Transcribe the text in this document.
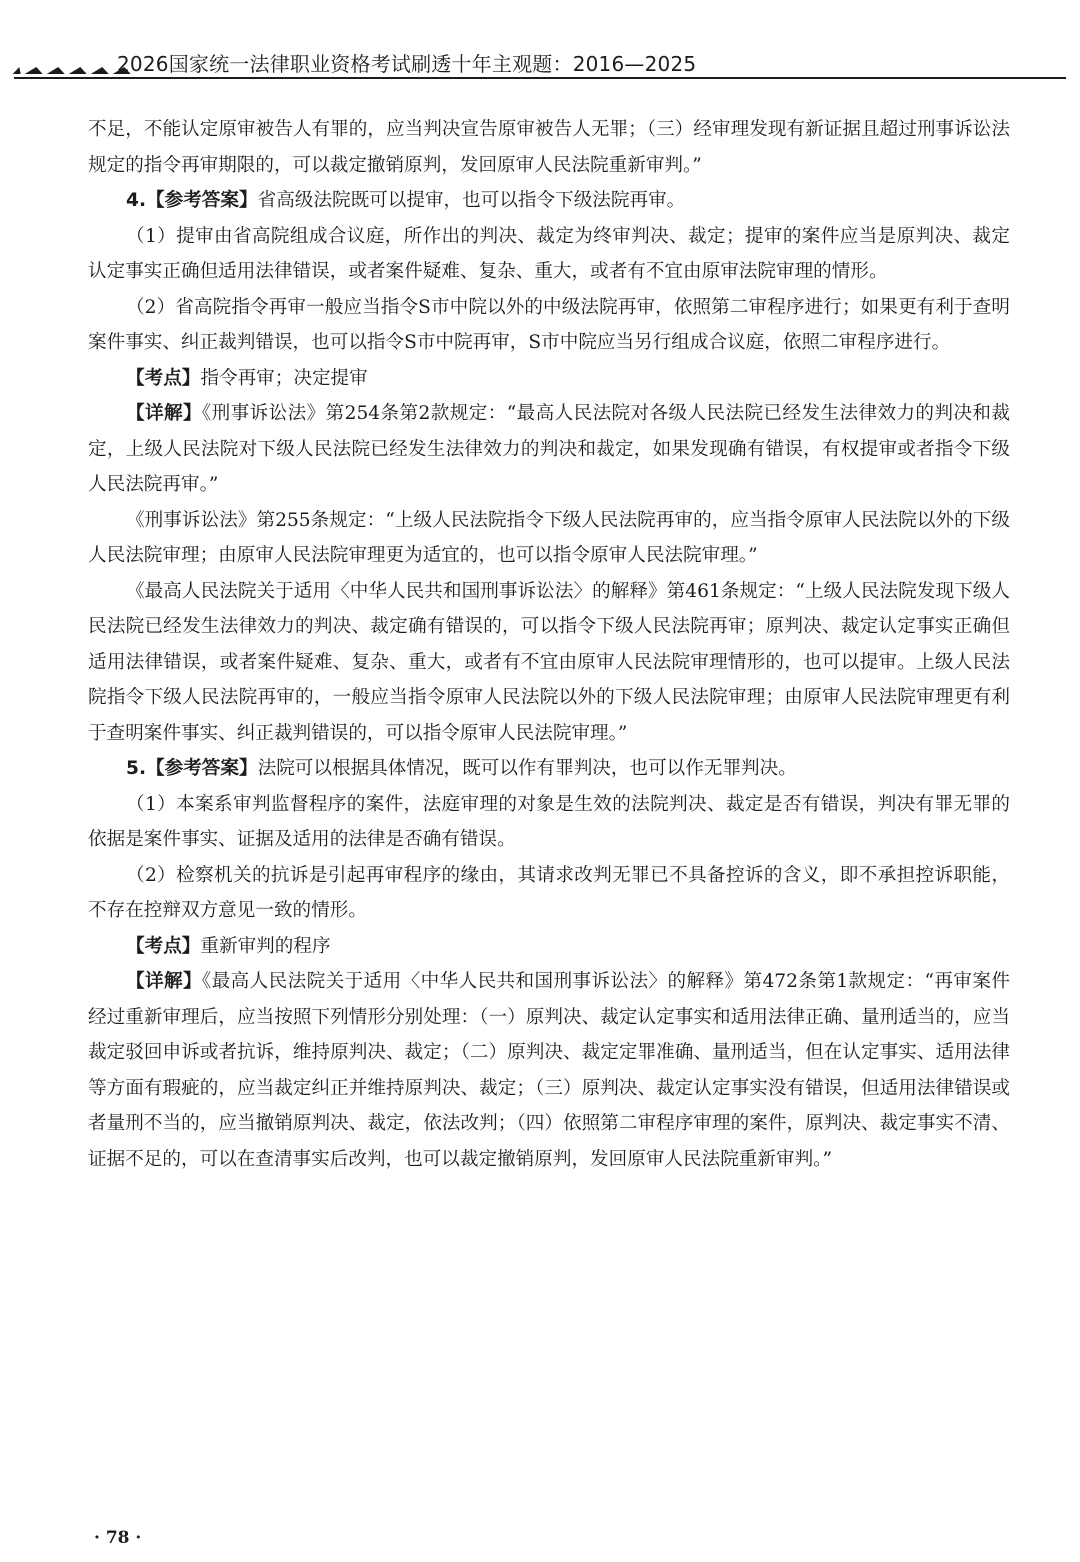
2026国家统一法律职业资格考试刷透十年主观题：2016—2025

不足，不能认定原审被告人有罪的，应当判决宣告原审被告人无罪；（三）经审理发现有新证据且超过刑事诉讼法规定的指令再审期限的，可以裁定撤销原判，发回原审人民法院重新审判。”

4.【参考答案】省高级法院既可以提审，也可以指令下级法院再审。

（1）提审由省高院组成合议庭，所作出的判决、裁定为终审判决、裁定；提审的案件应当是原判决、裁定认定事实正确但适用法律错误，或者案件疑难、复杂、重大，或者有不宜由原审法院审理的情形。

（2）省高院指令再审一般应当指令S市中院以外的中级法院再审，依照第二审程序进行；如果更有利于查明案件事实、纠正裁判错误，也可以指令S市中院再审，S市中院应当另行组成合议庭，依照二审程序进行。

【考点】指令再审；决定提审

【详解】《刑事诉讼法》第254条第2款规定：“最高人民法院对各级人民法院已经发生法律效力的判决和裁定，上级人民法院对下级人民法院已经发生法律效力的判决和裁定，如果发现确有错误，有权提审或者指令下级人民法院再审。”

《刑事诉讼法》第255条规定：“上级人民法院指令下级人民法院再审的，应当指令原审人民法院以外的下级人民法院审理；由原审人民法院审理更为适宜的，也可以指令原审人民法院审理。”

《最高人民法院关于适用〈中华人民共和国刑事诉讼法〉的解释》第461条规定：“上级人民法院发现下级人民法院已经发生法律效力的判决、裁定确有错误的，可以指令下级人民法院再审；原判决、裁定认定事实正确但适用法律错误，或者案件疑难、复杂、重大，或者有不宜由原审人民法院审理情形的，也可以提审。上级人民法院指令下级人民法院再审的，一般应当指令原审人民法院以外的下级人民法院审理；由原审人民法院审理更有利于查明案件事实、纠正裁判错误的，可以指令原审人民法院审理。”

5.【参考答案】法院可以根据具体情况，既可以作有罪判决，也可以作无罪判决。

（1）本案系审判监督程序的案件，法庭审理的对象是生效的法院判决、裁定是否有错误，判决有罪无罪的依据是案件事实、证据及适用的法律是否确有错误。

（2）检察机关的抗诉是引起再审程序的缘由，其请求改判无罪已不具备控诉的含义，即不承担控诉职能，不存在控辩双方意见一致的情形。

【考点】重新审判的程序

【详解】《最高人民法院关于适用〈中华人民共和国刑事诉讼法〉的解释》第472条第1款规定：“再审案件经过重新审理后，应当按照下列情形分别处理：（一）原判决、裁定认定事实和适用法律正确、量刑适当的，应当裁定驳回申诉或者抗诉，维持原判决、裁定；（二）原判决、裁定定罪准确、量刑适当，但在认定事实、适用法律等方面有瑕疵的，应当裁定纠正并维持原判决、裁定；（三）原判决、裁定认定事实没有错误，但适用法律错误或者量刑不当的，应当撤销原判决、裁定，依法改判；（四）依照第二审程序审理的案件，原判决、裁定事实不清、证据不足的，可以在查清事实后改判，也可以裁定撤销原判，发回原审人民法院重新审判。”

· 78 ·
